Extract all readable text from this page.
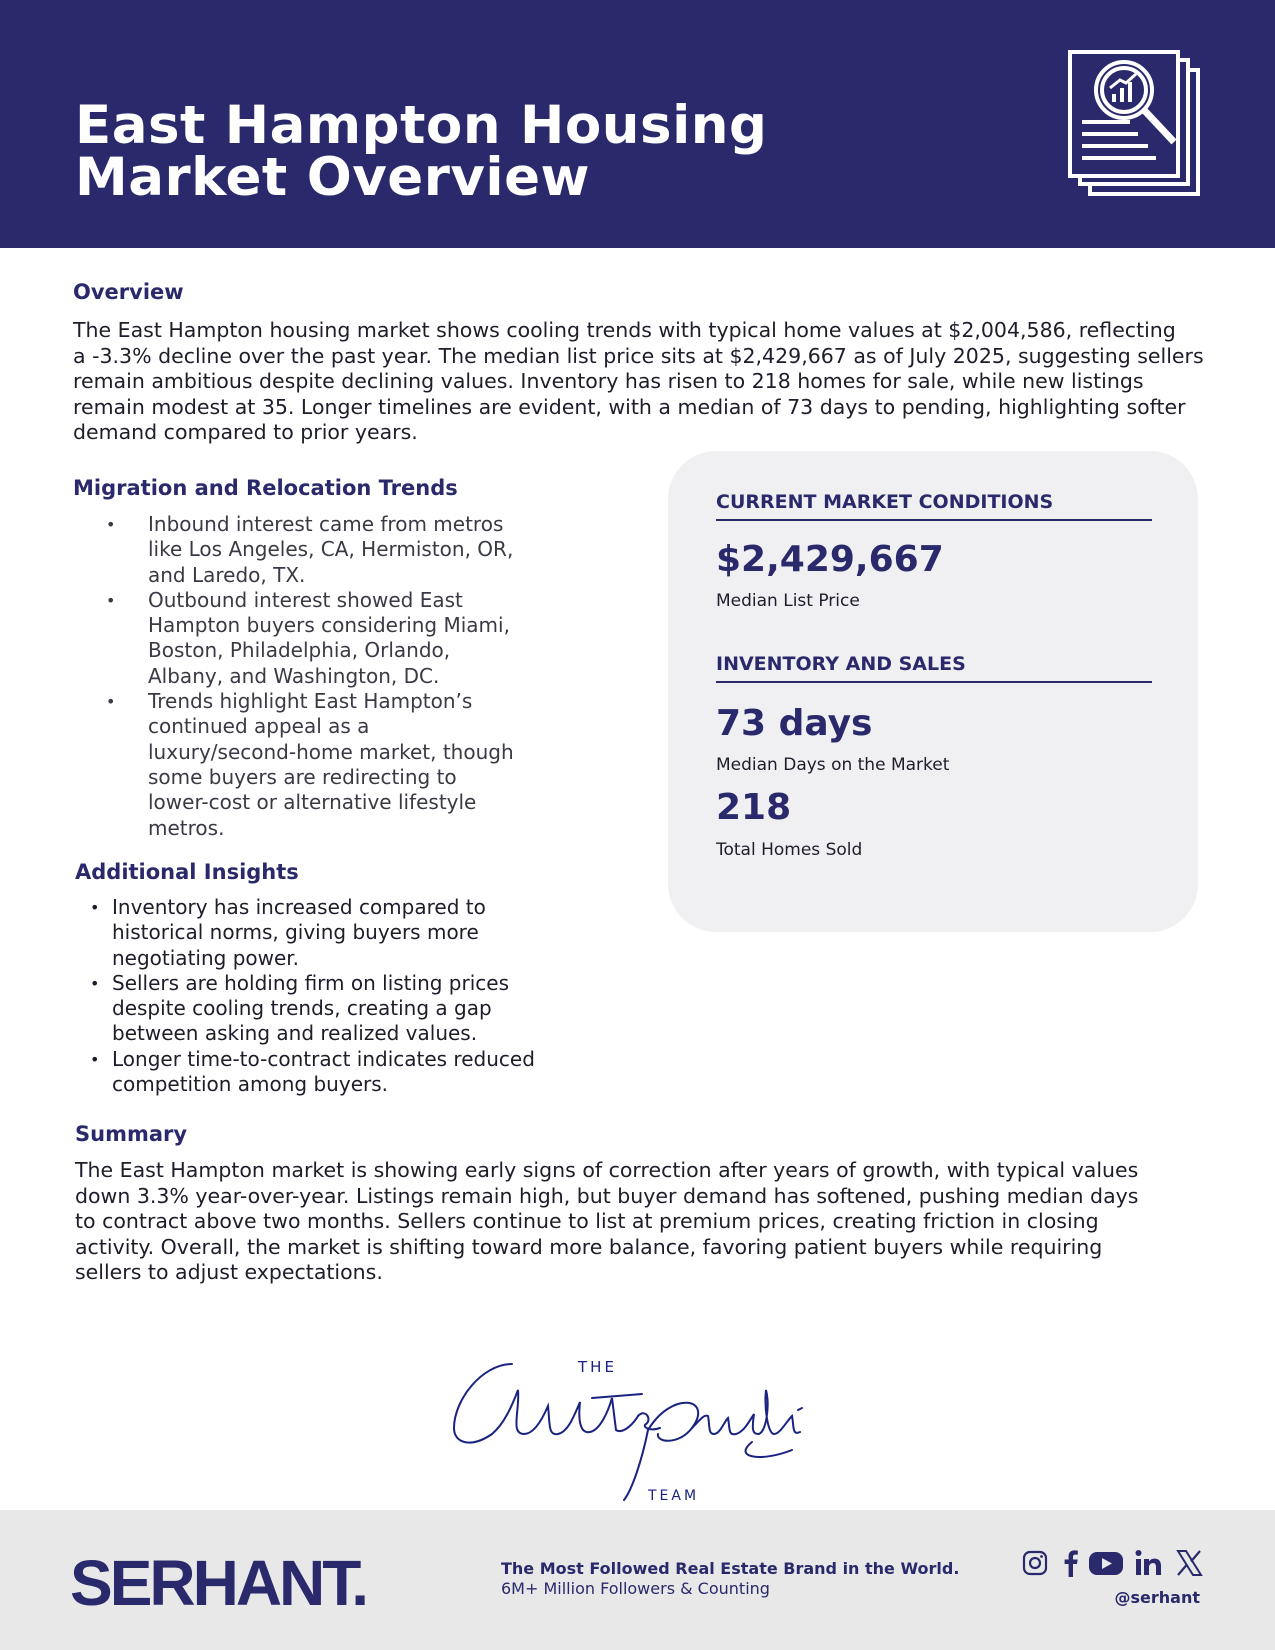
East Hampton Housing
Market Overview
Overview
The East Hampton housing market shows cooling trends with typical home values at $2,004,586, reflecting
a -3.3% decline over the past year. The median list price sits at $2,429,667 as of July 2025, suggesting sellers
remain ambitious despite declining values. Inventory has risen to 218 homes for sale, while new listings
remain modest at 35. Longer timelines are evident, with a median of 73 days to pending, highlighting softer
demand compared to prior years.
Migration and Relocation Trends
• Inbound interest came from metros
like Los Angeles, CA, Hermiston, OR,
and Laredo, TX.
• Outbound interest showed East
Hampton buyers considering Miami,
Boston, Philadelphia, Orlando,
Albany, and Washington, DC.
• Trends highlight East Hampton’s
continued appeal as a
luxury/second-home market, though
some buyers are redirecting to
lower-cost or alternative lifestyle
metros.
Additional Insights
• Inventory has increased compared to
historical norms, giving buyers more
negotiating power.
• Sellers are holding firm on listing prices
despite cooling trends, creating a gap
between asking and realized values.
• Longer time-to-contract indicates reduced
competition among buyers.
CURRENT MARKET CONDITIONS
$2,429,667
Median List Price
INVENTORY AND SALES
73 days
Median Days on the Market
218
Total Homes Sold
Summary
The East Hampton market is showing early signs of correction after years of growth, with typical values
down 3.3% year-over-year. Listings remain high, but buyer demand has softened, pushing median days
to contract above two months. Sellers continue to list at premium prices, creating friction in closing
activity. Overall, the market is shifting toward more balance, favoring patient buyers while requiring
sellers to adjust expectations.
THE
TEAM
SERHANT.	The Most Followed Real Estate Brand in the World.
6M+ Million Followers & Counting	@serhant
